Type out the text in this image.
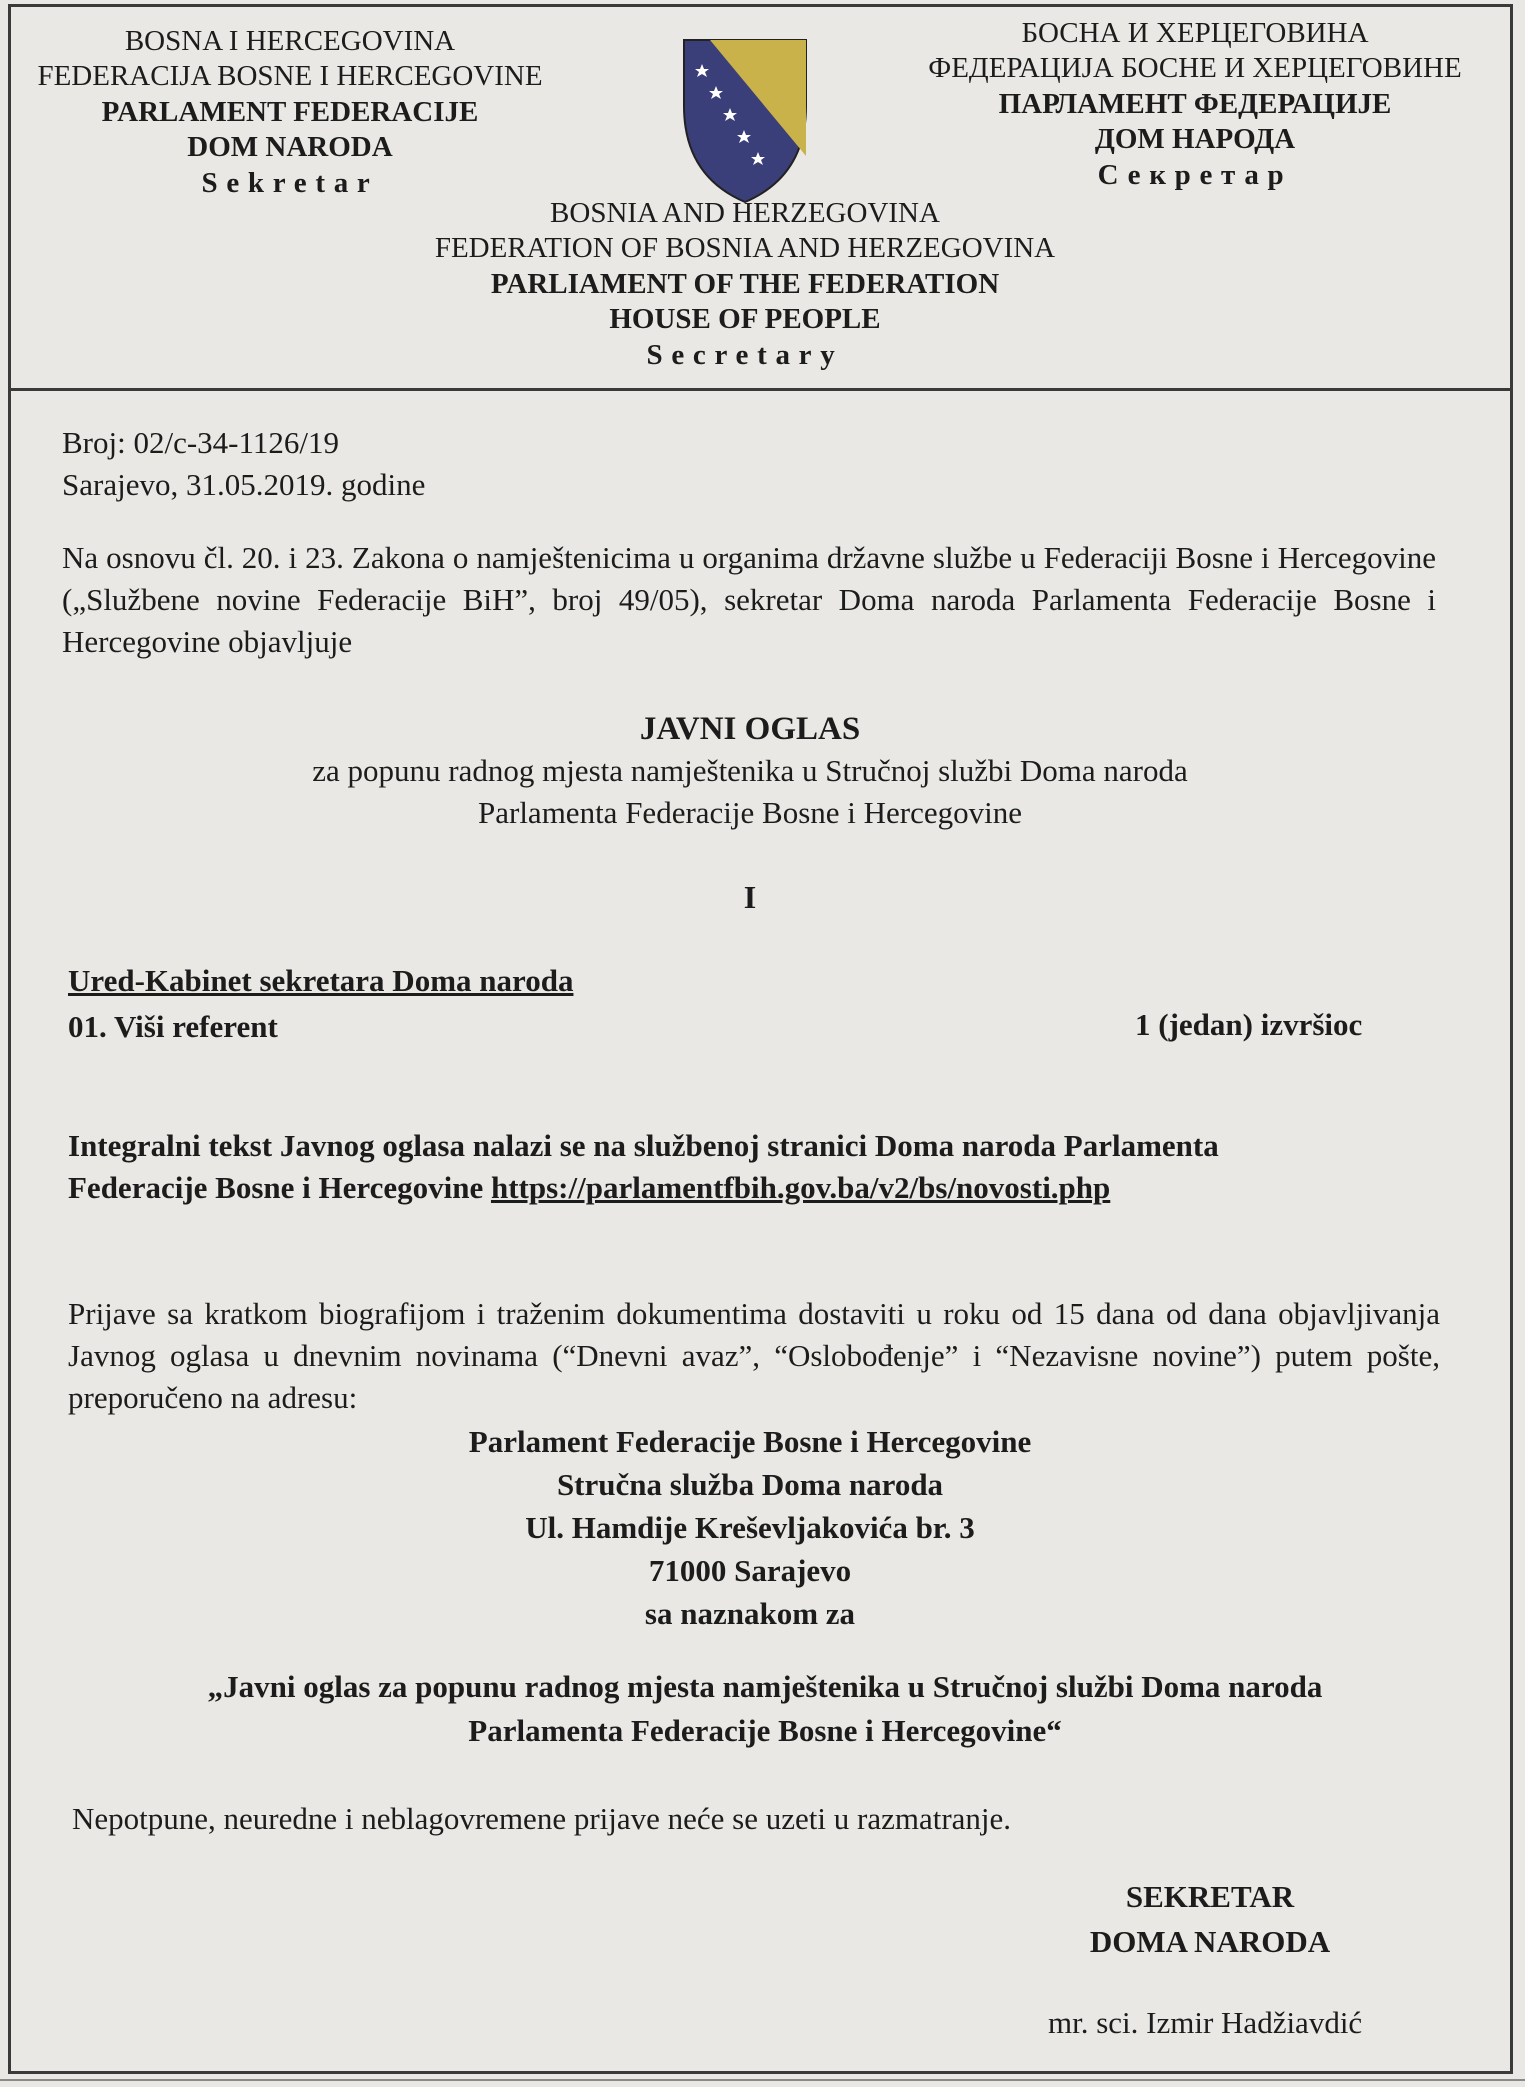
BOSNA I HERCEGOVINA
FEDERACIJA BOSNE I HERCEGOVINE
PARLAMENT FEDERACIJE
DOM NARODA
Sekretar
БОСНА И ХЕРЦЕГОВИНА
ФЕДЕРАЦИЈА БОСНЕ И ХЕРЦЕГОВИНЕ
ПАРЛАМЕНТ ФЕДЕРАЦИЈЕ
ДОМ НАРОДА
Секретар
BOSNIA AND HERZEGOVINA
FEDERATION OF BOSNIA AND HERZEGOVINA
PARLIAMENT OF THE FEDERATION
HOUSE OF PEOPLE
Secretary
Broj: 02/c-34-1126/19
Sarajevo, 31.05.2019. godine
Na osnovu čl. 20. i 23. Zakona o namještenicima u organima državne službe u Federaciji Bosne i Hercegovine („Službene novine Federacije BiH”, broj 49/05), sekretar Doma naroda Parlamenta Federacije Bosne i Hercegovine objavljuje
JAVNI OGLAS
za popunu radnog mjesta namještenika u Stručnoj službi Doma naroda
Parlamenta Federacije Bosne i Hercegovine
I
Ured-Kabinet sekretara Doma naroda
01. Viši referent	1 (jedan) izvršioc
Integralni tekst Javnog oglasa nalazi se na službenoj stranici Doma naroda Parlamenta
Federacije Bosne i Hercegovine https://parlamentfbih.gov.ba/v2/bs/novosti.php
Prijave sa kratkom biografijom i traženim dokumentima dostaviti u roku od 15 dana od dana objavljivanja Javnog oglasa u dnevnim novinama (“Dnevni avaz”, “Oslobođenje” i “Nezavisne novine”) putem pošte, preporučeno na adresu:
Parlament Federacije Bosne i Hercegovine
Stručna služba Doma naroda
Ul. Hamdije Kreševljakovića br. 3
71000 Sarajevo
sa naznakom za
„Javni oglas za popunu radnog mjesta namještenika u Stručnoj službi Doma naroda
Parlamenta Federacije Bosne i Hercegovine“
Nepotpune, neuredne i neblagovremene prijave neće se uzeti u razmatranje.
SEKRETAR
DOMA NARODA
mr. sci. Izmir Hadžiavdić
